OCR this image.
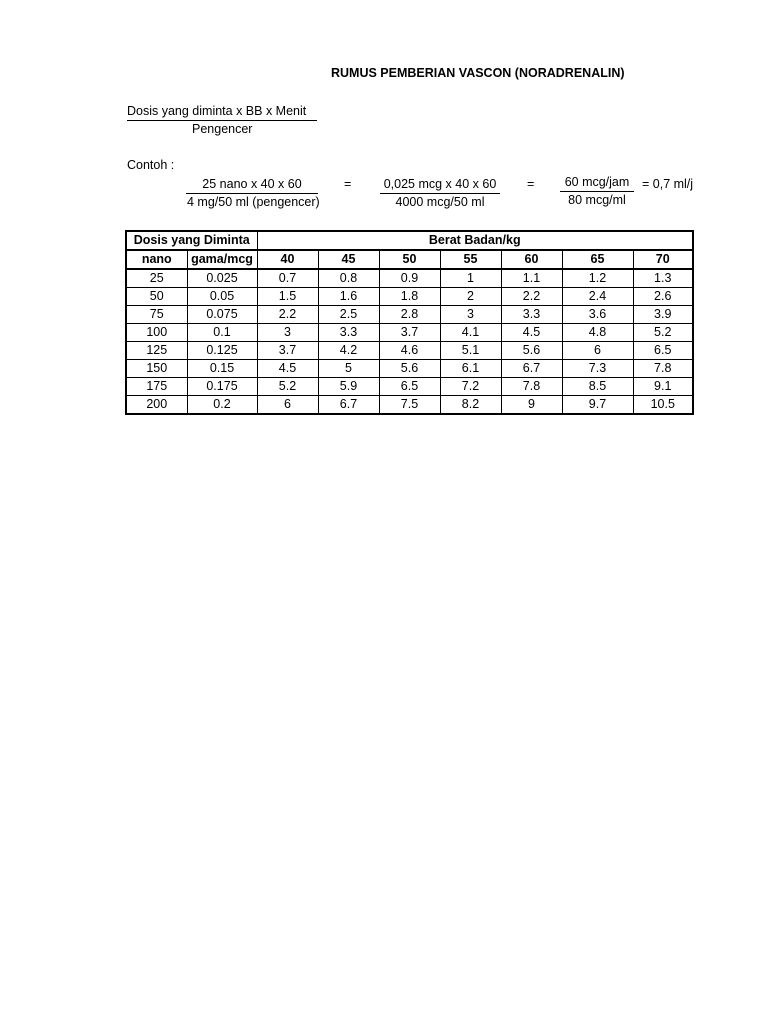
RUMUS PEMBERIAN VASCON (NORADRENALIN)
Dosis yang diminta x BB x Menit
Pengencer
Contoh :
25 nano x 40 x 60
4 mg/50 ml (pengencer)
=	0,025 mcg x 40 x 60
4000 mcg/50 ml
=	60 mcg/jam
80 mcg/ml
= 0,7 ml/j
Dosis yang Diminta		Berat Badan/kg						
nano	gama/mcg	40	45	50	55	60	65	70
25	0.025	0.7	0.8	0.9	1	1.1	1.2	1.3
50	0.05	1.5	1.6	1.8	2	2.2	2.4	2.6
75	0.075	2.2	2.5	2.8	3	3.3	3.6	3.9
100	0.1	3	3.3	3.7	4.1	4.5	4.8	5.2
125	0.125	3.7	4.2	4.6	5.1	5.6	6	6.5
150	0.15	4.5	5	5.6	6.1	6.7	7.3	7.8
175	0.175	5.2	5.9	6.5	7.2	7.8	8.5	9.1
200	0.2	6	6.7	7.5	8.2	9	9.7	10.5
